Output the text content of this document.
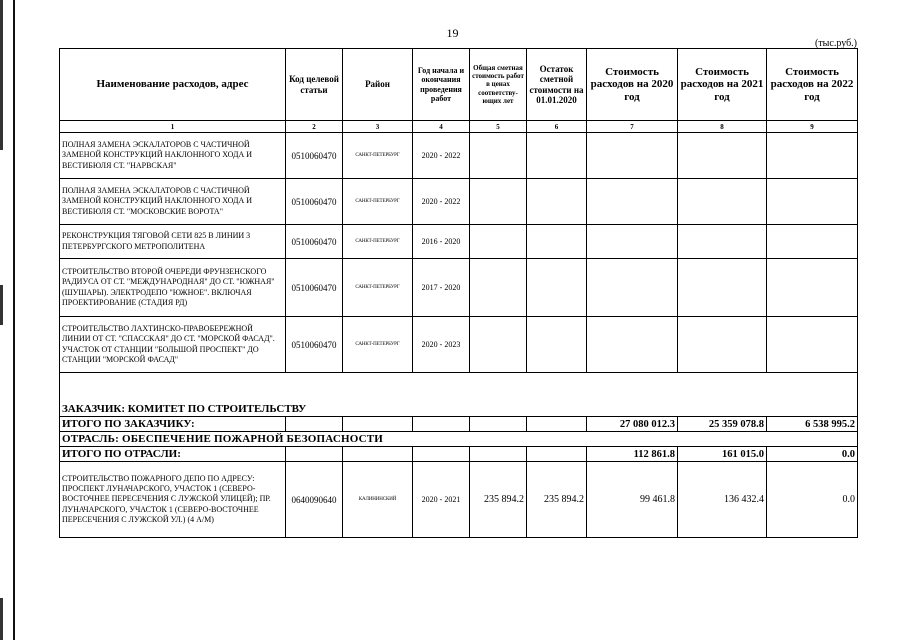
19
(тыс.руб.)
Наименование расходов, адрес	Код целевой статьи	Район	Год начала и окончания проведения работ	Общая сметная стоимость работ в ценах соответству-ющих лет	Остаток сметной стоимости на 01.01.2020	Стоимость расходов на 2020 год	Стоимость расходов на 2021 год	Стоимость расходов на 2022 год
1	2	3	4	5	6	7	8	9
ПОЛНАЯ ЗАМЕНА ЭСКАЛАТОРОВ С ЧАСТИЧНОЙ ЗАМЕНОЙ КОНСТРУКЦИЙ НАКЛОННОГО ХОДА И ВЕСТИБЮЛЯ СТ. "НАРВСКАЯ"	0510060470	САНКТ-ПЕТЕРБУРГ	2020 - 2022					
ПОЛНАЯ ЗАМЕНА ЭСКАЛАТОРОВ С ЧАСТИЧНОЙ ЗАМЕНОЙ КОНСТРУКЦИЙ НАКЛОННОГО ХОДА И ВЕСТИБЮЛЯ СТ. "МОСКОВСКИЕ ВОРОТА"	0510060470	САНКТ-ПЕТЕРБУРГ	2020 - 2022					
РЕКОНСТРУКЦИЯ ТЯГОВОЙ СЕТИ 825 В ЛИНИИ 3 ПЕТЕРБУРГСКОГО МЕТРОПОЛИТЕНА	0510060470	САНКТ-ПЕТЕРБУРГ	2016 - 2020					
СТРОИТЕЛЬСТВО ВТОРОЙ ОЧЕРЕДИ ФРУНЗЕНСКОГО РАДИУСА ОТ СТ. "МЕЖДУНАРОДНАЯ" ДО СТ. "ЮЖНАЯ" (ШУШАРЫ). ЭЛЕКТРОДЕПО "ЮЖНОЕ". ВКЛЮЧАЯ ПРОЕКТИРОВАНИЕ (СТАДИЯ РД)	0510060470	САНКТ-ПЕТЕРБУРГ	2017 - 2020					
СТРОИТЕЛЬСТВО ЛАХТИНСКО-ПРАВОБЕРЕЖНОЙ ЛИНИИ ОТ СТ. "СПАССКАЯ" ДО СТ. "МОРСКОЙ ФАСАД". УЧАСТОК ОТ СТАНЦИИ "БОЛЬШОЙ ПРОСПЕКТ" ДО СТАНЦИИ "МОРСКОЙ ФАСАД"	0510060470	САНКТ-ПЕТЕРБУРГ	2020 - 2023					
ЗАКАЗЧИК: КОМИТЕТ ПО СТРОИТЕЛЬСТВУ								
ИТОГО ПО ЗАКАЗЧИКУ:						27 080 012.3	25 359 078.8	6 538 995.2
ОТРАСЛЬ: ОБЕСПЕЧЕНИЕ ПОЖАРНОЙ БЕЗОПАСНОСТИ								
ИТОГО ПО ОТРАСЛИ:						112 861.8	161 015.0	0.0
СТРОИТЕЛЬСТВО ПОЖАРНОГО ДЕПО ПО АДРЕСУ: ПРОСПЕКТ ЛУНАЧАРСКОГО, УЧАСТОК 1 (СЕВЕРО-ВОСТОЧНЕЕ ПЕРЕСЕЧЕНИЯ С ЛУЖСКОЙ УЛИЦЕЙ); ПР. ЛУНАЧАРСКОГО, УЧАСТОК 1 (СЕВЕРО-ВОСТОЧНЕЕ ПЕРЕСЕЧЕНИЯ С ЛУЖСКОЙ УЛ.) (4 А/М)	0640090640	КАЛИНИНСКИЙ	2020 - 2021	235 894.2	235 894.2	99 461.8	136 432.4	0.0
